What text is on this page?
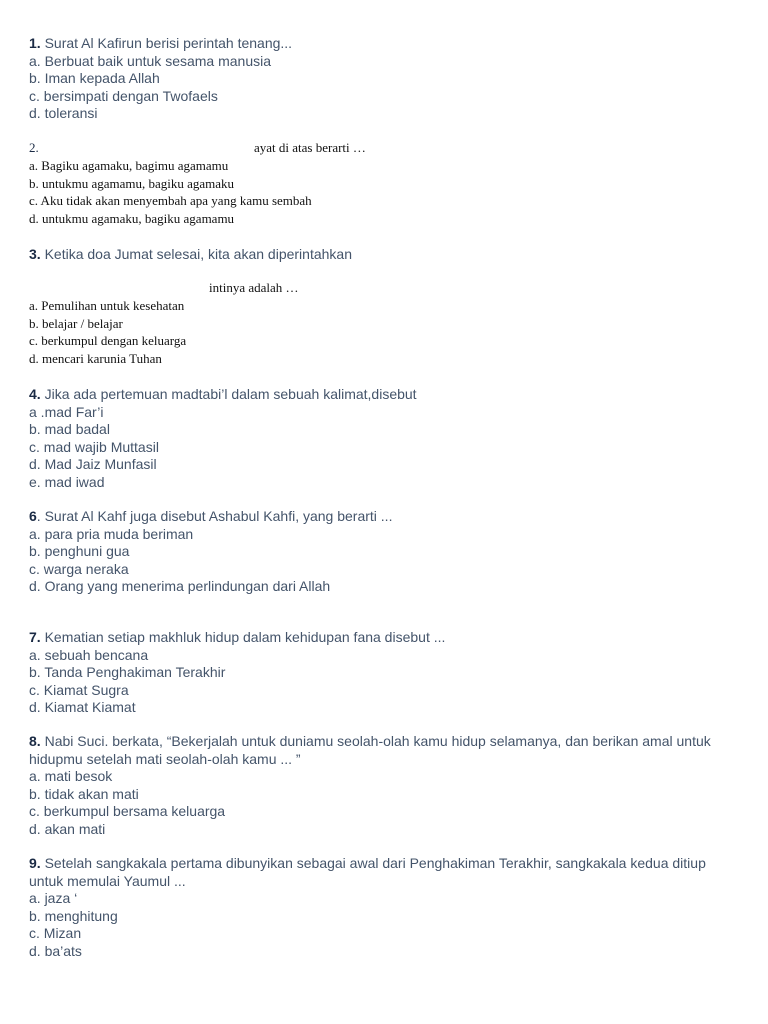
1. Surat Al Kafirun berisi perintah tenang...
a. Berbuat baik untuk sesama manusia
b. Iman kepada Allah
c. bersimpati dengan Twofaels
d. toleransi
2.	ayat di atas berarti …
a. Bagiku agamaku, bagimu agamamu
b. untukmu agamamu, bagiku agamaku
c. Aku tidak akan menyembah apa yang kamu sembah
d. untukmu agamaku, bagiku agamamu
3. Ketika doa Jumat selesai, kita akan diperintahkan
intinya adalah …
a. Pemulihan untuk kesehatan
b. belajar / belajar
c. berkumpul dengan keluarga
d. mencari karunia Tuhan
4. Jika ada pertemuan madtabi’l dalam sebuah kalimat,disebut
a .mad Far’i
b. mad badal
c. mad wajib Muttasil
d. Mad Jaiz Munfasil
e. mad iwad
6. Surat Al Kahf juga disebut Ashabul Kahfi, yang berarti ...
a. para pria muda beriman
b. penghuni gua
c. warga neraka
d. Orang yang menerima perlindungan dari Allah
7. Kematian setiap makhluk hidup dalam kehidupan fana disebut ...
a. sebuah bencana
b. Tanda Penghakiman Terakhir
c. Kiamat Sugra
d. Kiamat Kiamat
8. Nabi Suci. berkata, “Bekerjalah untuk duniamu seolah-olah kamu hidup selamanya, dan berikan amal untuk hidupmu setelah mati seolah-olah kamu ... ”
a. mati besok
b. tidak akan mati
c. berkumpul bersama keluarga
d. akan mati
9. Setelah sangkakala pertama dibunyikan sebagai awal dari Penghakiman Terakhir, sangkakala kedua ditiup untuk memulai Yaumul ...
a. jaza ‘
b. menghitung
c. Mizan
d. ba’ats
